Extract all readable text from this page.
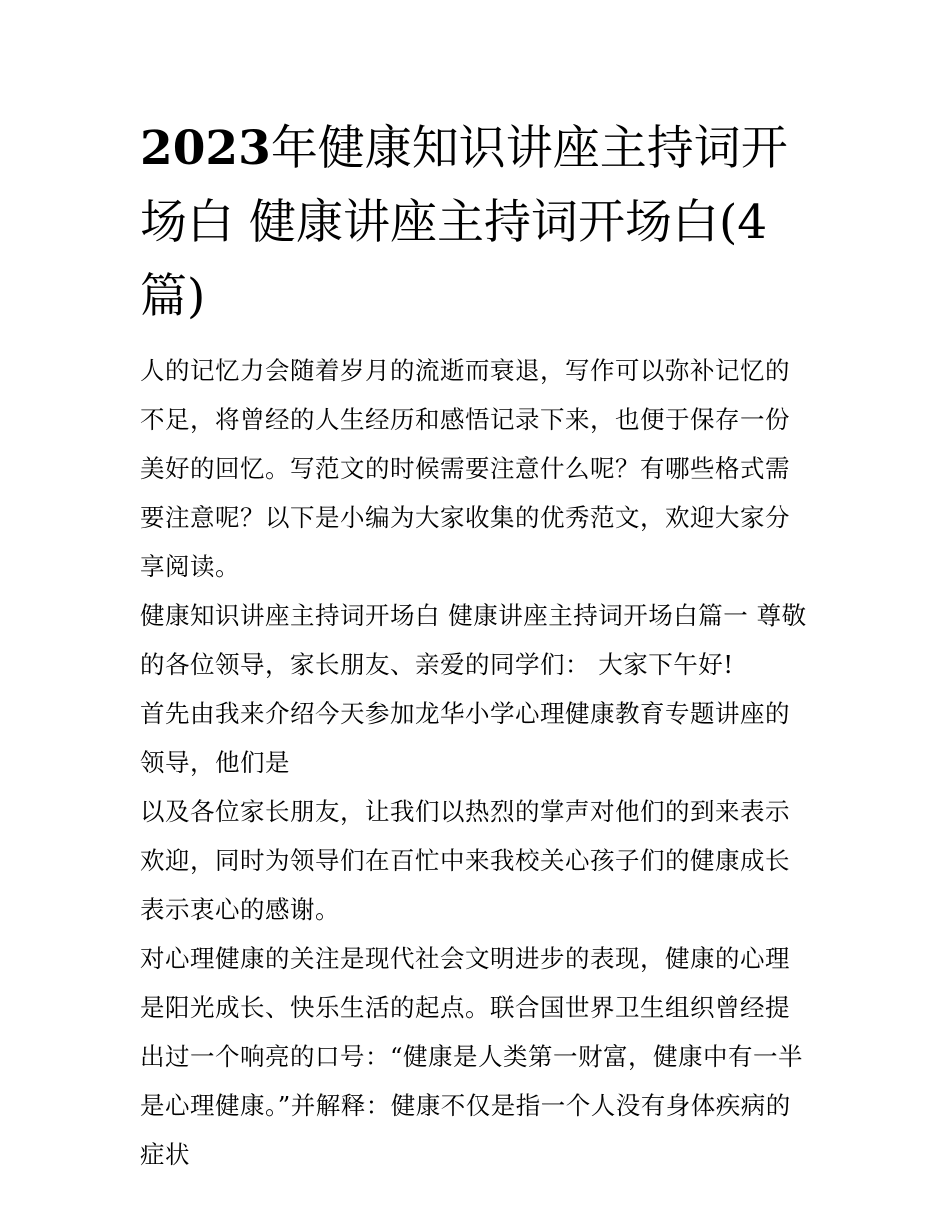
2023年健康知识讲座主持词开场白 健康讲座主持词开场白(4篇)

人的记忆力会随着岁月的流逝而衰退，写作可以弥补记忆的不足，将曾经的人生经历和感悟记录下来，也便于保存一份美好的回忆。写范文的时候需要注意什么呢？有哪些格式需要注意呢？以下是小编为大家收集的优秀范文，欢迎大家分享阅读。

健康知识讲座主持词开场白 健康讲座主持词开场白篇一 尊敬的各位领导，家长朋友、亲爱的同学们： 大家下午好!

首先由我来介绍今天参加龙华小学心理健康教育专题讲座的领导，他们是

以及各位家长朋友，让我们以热烈的掌声对他们的到来表示欢迎，同时为领导们在百忙中来我校关心孩子们的健康成长表示衷心的感谢。

对心理健康的关注是现代社会文明进步的表现，健康的心理是阳光成长、快乐生活的起点。联合国世界卫生组织曾经提出过一个响亮的口号：“健康是人类第一财富，健康中有一半是心理健康。”并解释：健康不仅是指一个人没有身体疾病的症状
